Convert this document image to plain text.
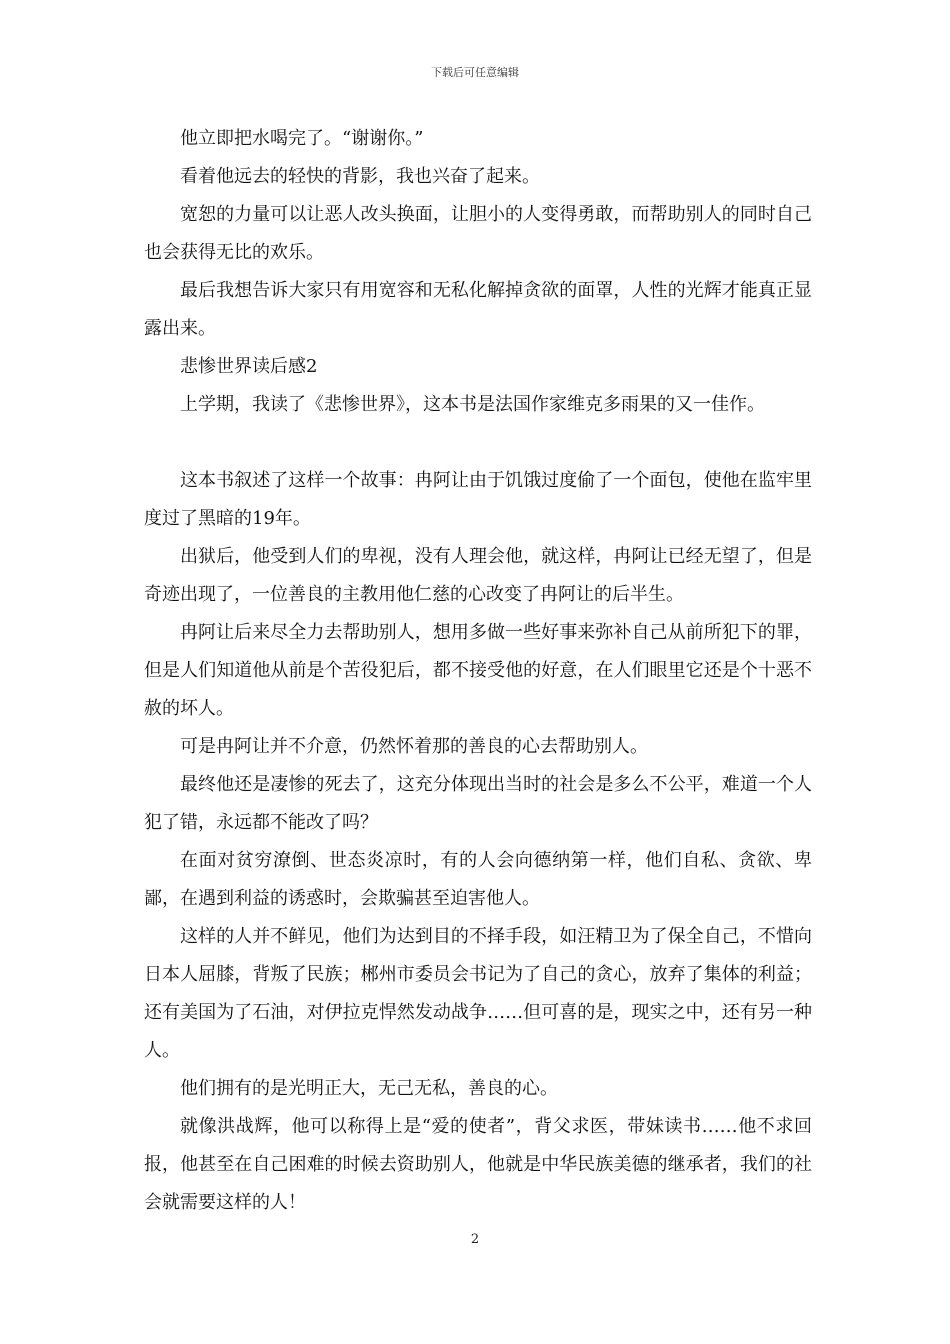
下载后可任意编辑

他立即把水喝完了。“谢谢你。”

看着他远去的轻快的背影，我也兴奋了起来。

宽恕的力量可以让恶人改头换面，让胆小的人变得勇敢，而帮助别人的同时自己也会获得无比的欢乐。

最后我想告诉大家只有用宽容和无私化解掉贪欲的面罩，人性的光辉才能真正显露出来。

悲惨世界读后感2

上学期，我读了《悲惨世界》，这本书是法国作家维克多雨果的又一佳作。

这本书叙述了这样一个故事：冉阿让由于饥饿过度偷了一个面包，使他在监牢里度过了黑暗的19年。

出狱后，他受到人们的卑视，没有人理会他，就这样，冉阿让已经无望了，但是奇迹出现了，一位善良的主教用他仁慈的心改变了冉阿让的后半生。

冉阿让后来尽全力去帮助别人，想用多做一些好事来弥补自己从前所犯下的罪，但是人们知道他从前是个苦役犯后，都不接受他的好意，在人们眼里它还是个十恶不赦的坏人。

可是冉阿让并不介意，仍然怀着那的善良的心去帮助别人。

最终他还是凄惨的死去了，这充分体现出当时的社会是多么不公平，难道一个人犯了错，永远都不能改了吗？

在面对贫穷潦倒、世态炎凉时，有的人会向德纳第一样，他们自私、贪欲、卑鄙，在遇到利益的诱惑时，会欺骗甚至迫害他人。

这样的人并不鲜见，他们为达到目的不择手段，如汪精卫为了保全自己，不惜向日本人屈膝，背叛了民族；郴州市委员会书记为了自己的贪心，放弃了集体的利益；还有美国为了石油，对伊拉克悍然发动战争……但可喜的是，现实之中，还有另一种人。

他们拥有的是光明正大，无己无私，善良的心。

就像洪战辉，他可以称得上是“爱的使者”，背父求医，带妹读书……他不求回报，他甚至在自己困难的时候去资助别人，他就是中华民族美德的继承者，我们的社会就需要这样的人！

2
